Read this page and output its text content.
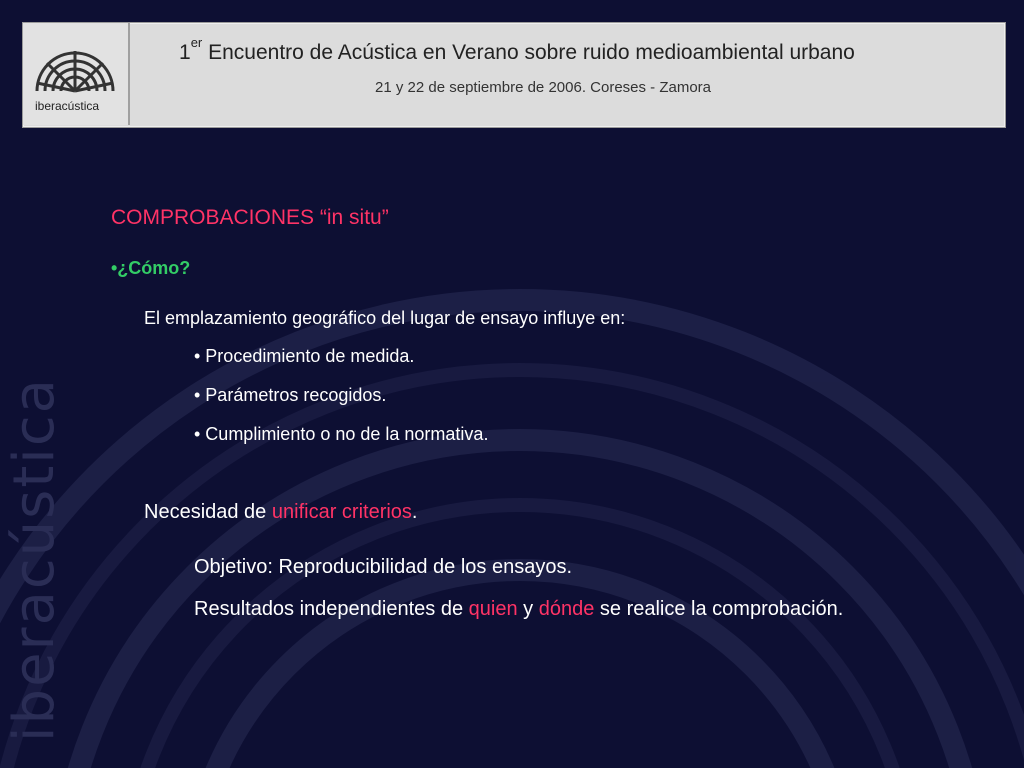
iberacústica
iberacústica
1er Encuentro de Acústica en Verano sobre ruido medioambiental urbano
21 y 22 de septiembre de 2006. Coreses - Zamora
COMPROBACIONES “in situ”
•¿Cómo?
El emplazamiento geográfico del lugar de ensayo influye en:
• Procedimiento de medida.
• Parámetros recogidos.
• Cumplimiento o no de la normativa.
Necesidad de unificar criterios.
Objetivo: Reproducibilidad de los ensayos.
Resultados independientes de quien y dónde se realice la comprobación.
